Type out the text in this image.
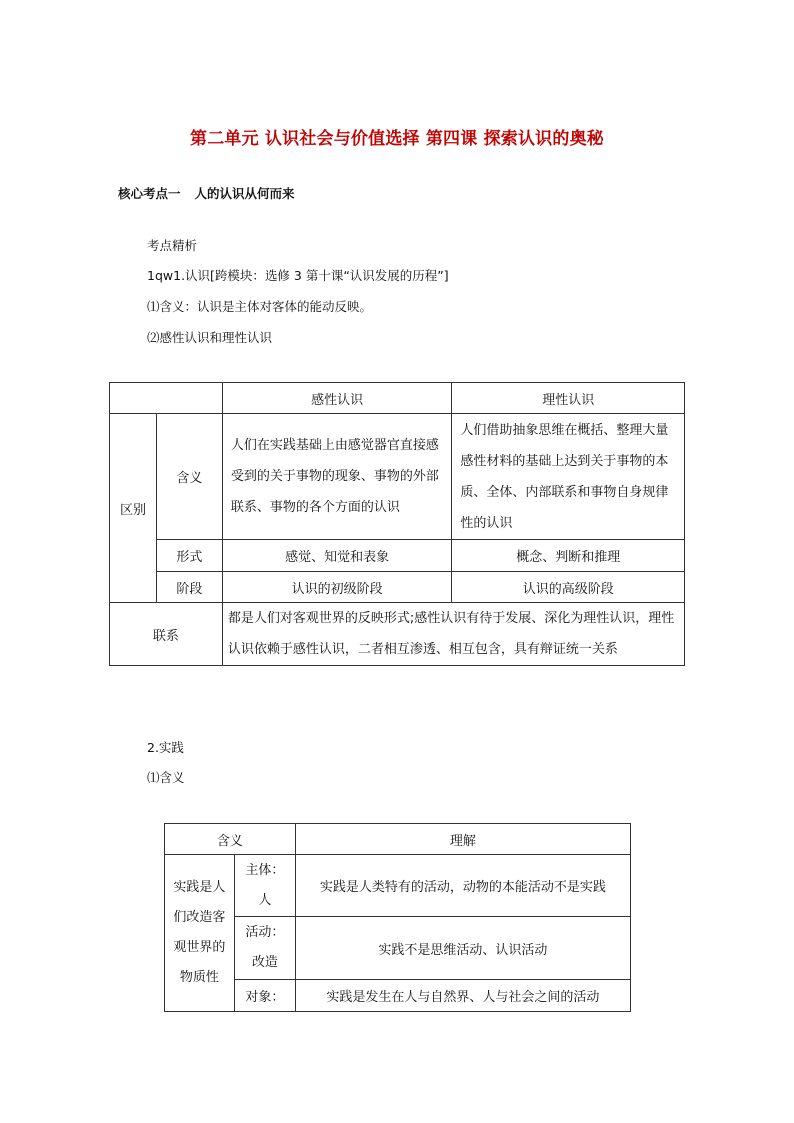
第二单元 认识社会与价值选择 第四课 探索认识的奥秘
核心考点一 人的认识从何而来
考点精析
1qw1.认识[跨模块：选修 3 第十课“认识发展的历程”]
⑴含义：认识是主体对客体的能动反映。
⑵感性认识和理性认识
		感性认识	理性认识
区别	含义	人们在实践基础上由感觉器官直接感受到的关于事物的现象、事物的外部联系、事物的各个方面的认识	人们借助抽象思维在概括、整理大量感性材料的基础上达到关于事物的本质、全体、内部联系和事物自身规律性的认识
	形式	感觉、知觉和表象	概念、判断和推理
	阶段	认识的初级阶段	认识的高级阶段
联系		都是人们对客观世界的反映形式;感性认识有待于发展、深化为理性认识，理性认识依赖于感性认识，二者相互渗透、相互包含，具有辩证统一关系	
2.实践
⑴含义
含义		理解
实践是人们改造客观世界的物质性	主体：人	实践是人类特有的活动，动物的本能活动不是实践
	活动：改造	实践不是思维活动、认识活动
	对象：	实践是发生在人与自然界、人与社会之间的活动
